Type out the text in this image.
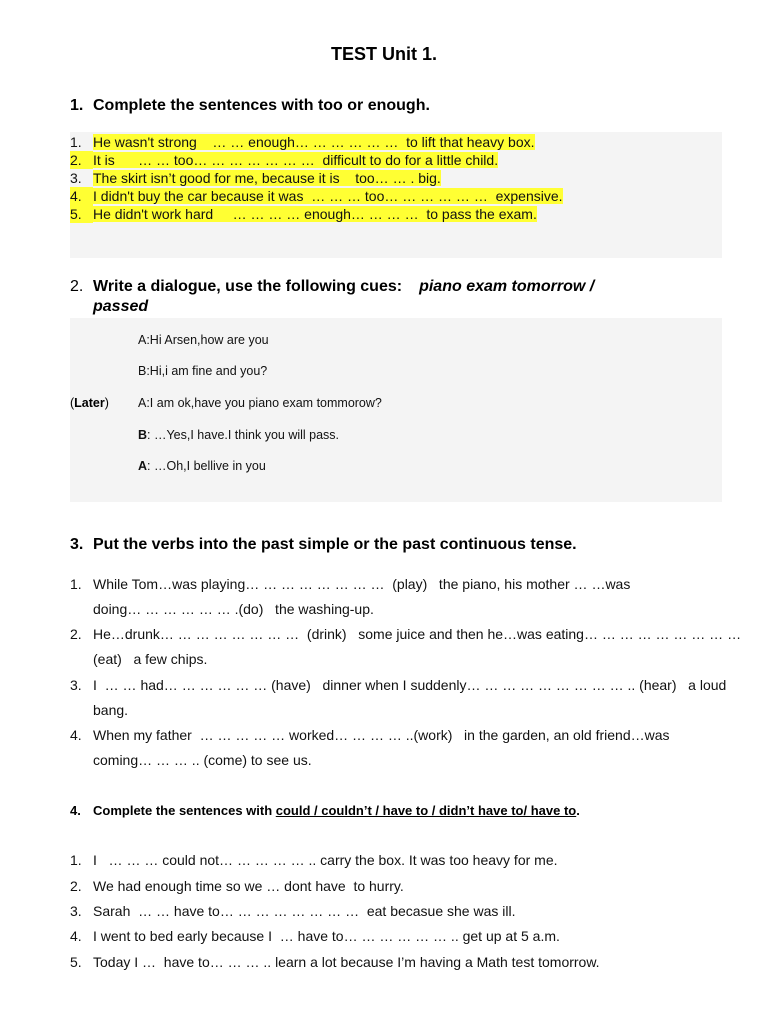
TEST Unit 1.
1. Complete the sentences with too or enough.
1. He wasn't strong    … … enough… … … … … …  to lift that heavy box.
2. It is      … … too… … … … … … …  difficult to do for a little child.
3. The skirt isn’t good for me, because it is    too… … . big.
4. I didn't buy the car because it was  … … … too… … … … … …  expensive.
5. He didn't work hard     … … … … enough… … … …  to pass the exam.
2. Write a dialogue, use the following cues: piano exam tomorrow /
passed
A:Hi Arsen,how are you
B:Hi,i am fine and you?
(Later) A:I am ok,have you piano exam tommorow?
B: …Yes,I have.I think you will pass.
A: …Oh,I bellive in you
3. Put the verbs into the past simple or the past continuous tense.
1. While Tom…was playing… … … … … … … …  (play)   the piano, his mother … …was
doing… … … … … … .(do)   the washing-up.
2. He…drunk… … … … … … … …  (drink)   some juice and then he…was eating… … … … … … … … …
(eat)   a few chips.
3. I  … … had… … … … … … (have)   dinner when I suddenly… … … … … … … … … .. (hear)   a loud
bang.
4. When my father  … … … … … worked… … … … ..(work)   in the garden, an old friend…was
coming… … … .. (come) to see us.
4. Complete the sentences with could / couldn’t / have to / didn’t have to/ have to.
1. I   … … … could not… … … … … .. carry the box. It was too heavy for me.
2. We had enough time so we … dont have  to hurry.
3. Sarah  … … have to… … … … … … … …  eat becasue she was ill.
4. I went to bed early because I  … have to… … … … … … .. get up at 5 a.m.
5. Today I …  have to… … … .. learn a lot because I’m having a Math test tomorrow.
